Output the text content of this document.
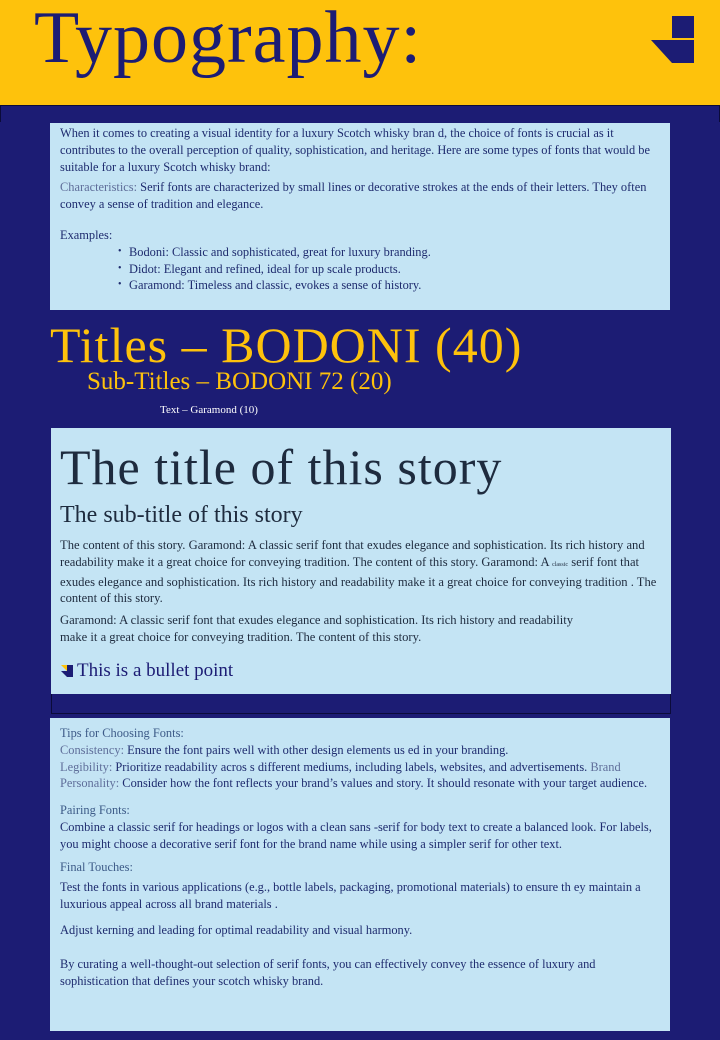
Typography:

When it comes to creating a visual identity for a luxury Scotch whisky bran d, the choice of fonts is crucial as it contributes to the overall perception of quality, sophistication, and heritage. Here are some types of fonts that would be suitable for a luxury Scotch whisky brand:

Characteristics: Serif fonts are characterized by small lines or decorative strokes at the ends of their letters. They often convey a sense of tradition and elegance.

Examples:

• Bodoni: Classic and sophisticated, great for luxury branding.
• Didot: Elegant and refined, ideal for up scale products.
• Garamond: Timeless and classic, evokes a sense of history.
Titles – BODONI (40)
Sub-Titles – BODONI 72 (20)
Text – Garamond (10)
The title of this story
The sub-title of this story

The content of this story. Garamond: A classic serif font that exudes elegance and sophistication. Its rich history and readability make it a great choice for conveying tradition. The content of this story. Garamond: A classic serif font that exudes elegance and sophistication. Its rich history and readability make it a great choice for conveying tradition . The content of this story.

Garamond: A classic serif font that exudes elegance and sophistication. Its rich history and readability make it a great choice for conveying tradition. The content of this story.

This is a bullet point

Tips for Choosing Fonts:

Consistency: Ensure the font pairs well with other design elements us ed in your branding.

Legibility: Prioritize readability acros s different mediums, including labels, websites, and advertisements. Brand Personality: Consider how the font reflects your brand’s values and story. It should resonate with your target audience.

Pairing Fonts:

Combine a classic serif for headings or logos with a clean sans -serif for body text to create a balanced look. For labels, you might choose a decorative serif font for the brand name while using a simpler serif for other text.

Final Touches:

Test the fonts in various applications (e.g., bottle labels, packaging, promotional materials) to ensure th ey maintain a luxurious appeal across all brand materials .

Adjust kerning and leading for optimal readability and visual harmony.

By curating a well-thought-out selection of serif fonts, you can effectively convey the essence of luxury and sophistication that defines your scotch whisky brand.
